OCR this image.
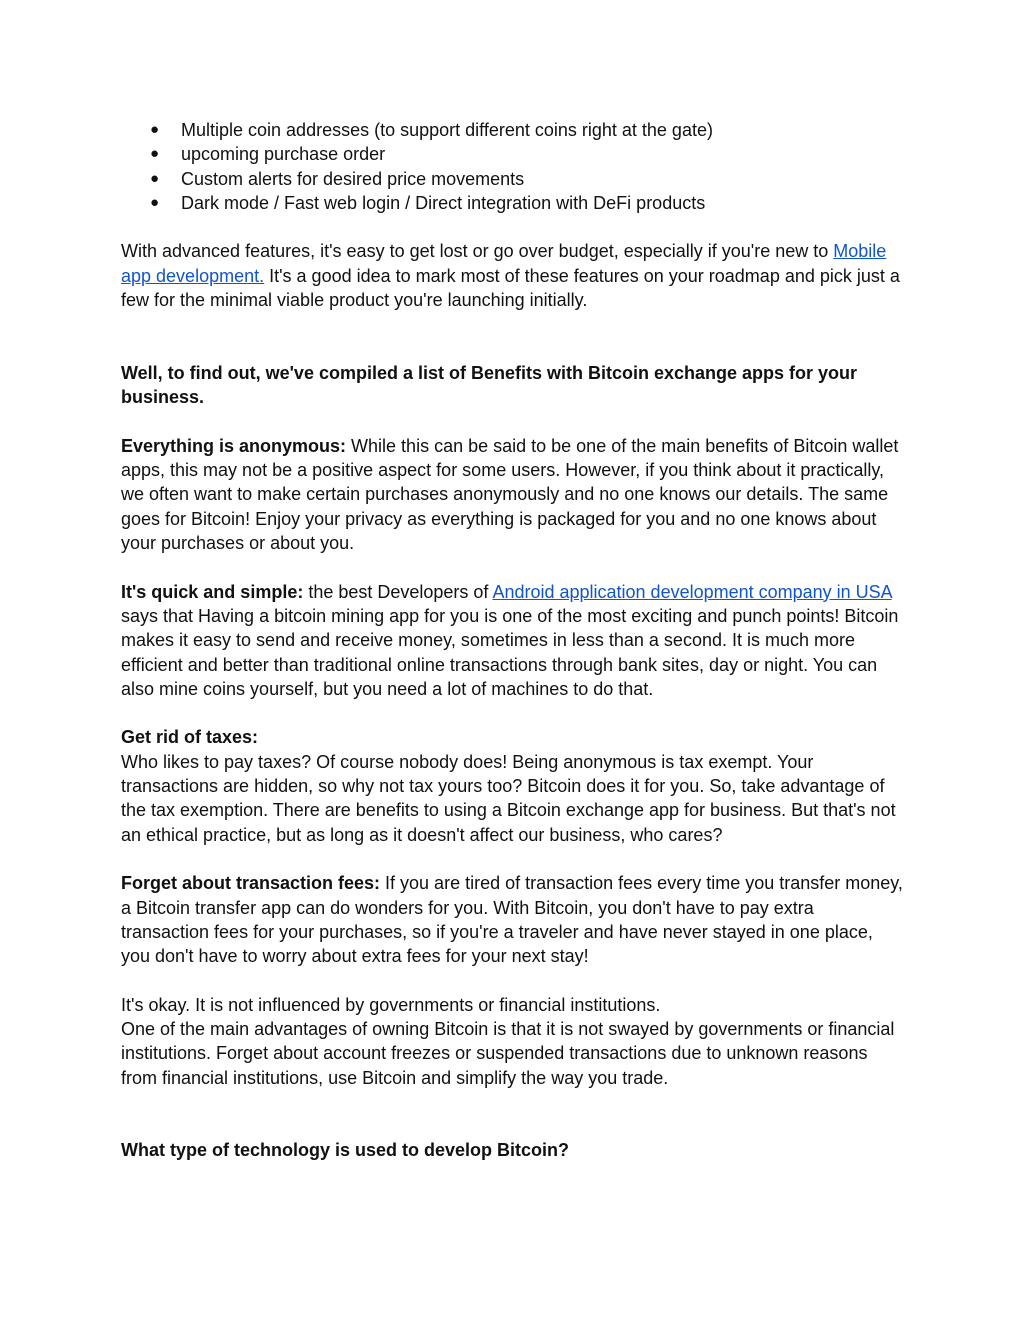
● Multiple coin addresses (to support different coins right at the gate)
● upcoming purchase order
● Custom alerts for desired price movements
● Dark mode / Fast web login / Direct integration with DeFi products

With advanced features, it's easy to get lost or go over budget, especially if you're new to Mobile app development. It's a good idea to mark most of these features on your roadmap and pick just a few for the minimal viable product you're launching initially.

Well, to find out, we've compiled a list of Benefits with Bitcoin exchange apps for your business.

Everything is anonymous: While this can be said to be one of the main benefits of Bitcoin wallet apps, this may not be a positive aspect for some users. However, if you think about it practically, we often want to make certain purchases anonymously and no one knows our details. The same goes for Bitcoin! Enjoy your privacy as everything is packaged for you and no one knows about your purchases or about you.

It's quick and simple: the best Developers of Android application development company in USA says that Having a bitcoin mining app for you is one of the most exciting and punch points! Bitcoin makes it easy to send and receive money, sometimes in less than a second. It is much more efficient and better than traditional online transactions through bank sites, day or night. You can also mine coins yourself, but you need a lot of machines to do that.

Get rid of taxes:

Who likes to pay taxes? Of course nobody does! Being anonymous is tax exempt. Your transactions are hidden, so why not tax yours too? Bitcoin does it for you. So, take advantage of the tax exemption. There are benefits to using a Bitcoin exchange app for business. But that's not an ethical practice, but as long as it doesn't affect our business, who cares?

Forget about transaction fees: If you are tired of transaction fees every time you transfer money, a Bitcoin transfer app can do wonders for you. With Bitcoin, you don't have to pay extra transaction fees for your purchases, so if you're a traveler and have never stayed in one place, you don't have to worry about extra fees for your next stay!

It's okay. It is not influenced by governments or financial institutions.

One of the main advantages of owning Bitcoin is that it is not swayed by governments or financial institutions. Forget about account freezes or suspended transactions due to unknown reasons from financial institutions, use Bitcoin and simplify the way you trade.

What type of technology is used to develop Bitcoin?
